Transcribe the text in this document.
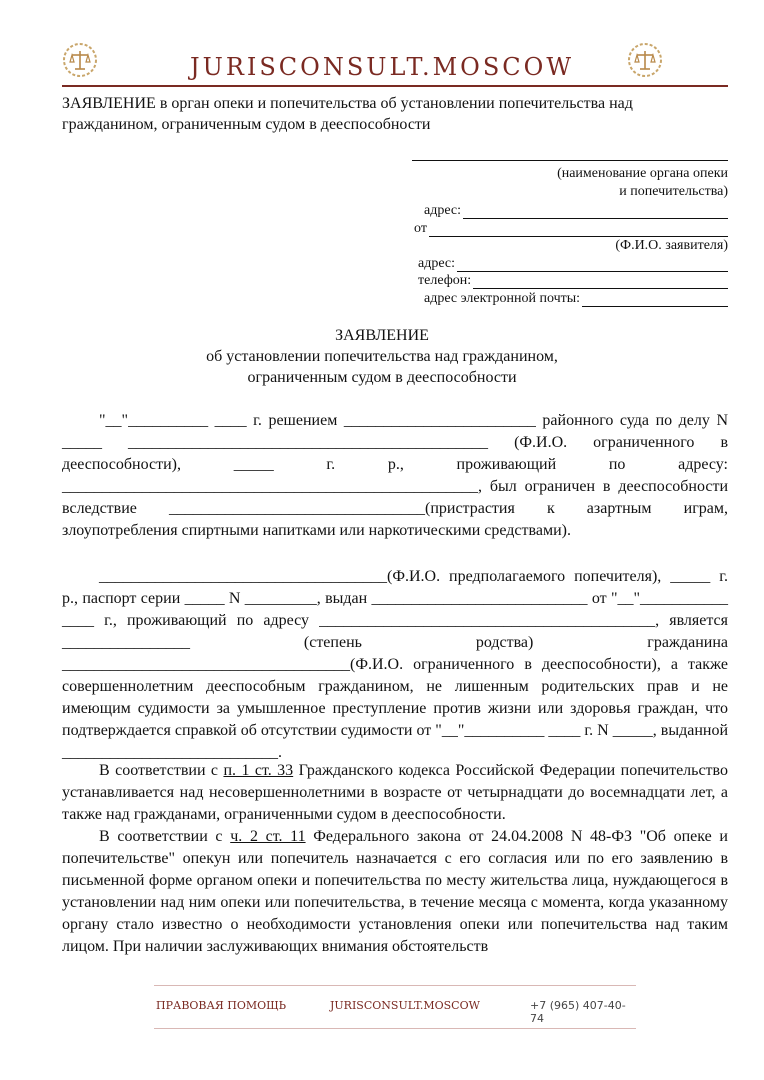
JURISCONSULT.MOSCOW
ЗАЯВЛЕНИЕ в орган опеки и попечительства об установлении попечительства над гражданином, ограниченным судом в дееспособности
(наименование органа опеки
и попечительства)
адрес:
от
(Ф.И.О. заявителя)
адрес:
телефон:
адрес электронной почты:
ЗАЯВЛЕНИЕ
об установлении попечительства над гражданином,
ограниченным судом в дееспособности
"__"__________ ____ г. решением ________________________ районного суда по делу N _____ _____________________________________________ (Ф.И.О. ограниченного в дееспособности), _____ г. р., проживающий по адресу: ____________________________________________________, был ограничен в дееспособности вследствие ________________________________(пристрастия к азартным играм, злоупотребления спиртными напитками или наркотическими средствами).
____________________________________(Ф.И.О. предполагаемого попечителя), _____ г. р., паспорт серии _____ N _________, выдан ___________________________ от "__"___________ ____ г., проживающий по адресу __________________________________________, является ________________ (степень родства) гражданина ____________________________________(Ф.И.О. ограниченного в дееспособности), а также совершеннолетним дееспособным гражданином, не лишенным родительских прав и не имеющим судимости за умышленное преступление против жизни или здоровья граждан, что подтверждается справкой об отсутствии судимости от "__"__________ ____ г. N _____, выданной ___________________________.
В соответствии с п. 1 ст. 33 Гражданского кодекса Российской Федерации попечительство устанавливается над несовершеннолетними в возрасте от четырнадцати до восемнадцати лет, а также над гражданами, ограниченными судом в дееспособности.
В соответствии с ч. 2 ст. 11 Федерального закона от 24.04.2008 N 48-ФЗ "Об опеке и попечительстве" опекун или попечитель назначается с его согласия или по его заявлению в письменной форме органом опеки и попечительства по месту жительства лица, нуждающегося в установлении над ним опеки или попечительства, в течение месяца с момента, когда указанному органу стало известно о необходимости установления опеки или попечительства над таким лицом. При наличии заслуживающих внимания обстоятельств
ПРАВОВАЯ ПОМОЩЬ	JURISCONSULT.MOSCOW	+7 (965) 407-40-74
